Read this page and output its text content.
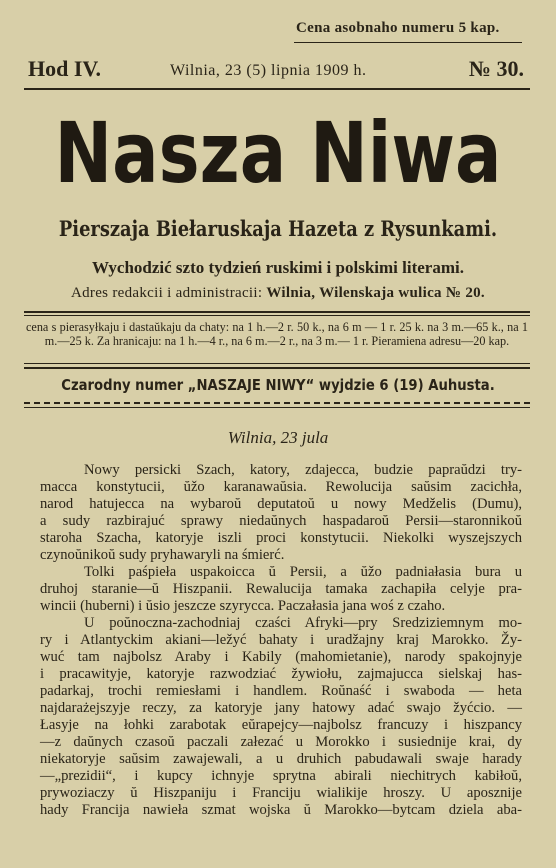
Cena asobnaho numeru 5 kap.
Hod IV.	Wilnia, 23 (5) lipnia 1909 h.	№ 30.
Nasza Niwa
Pierszaja Biełaruskaja Hazeta z Rysunkami.
Wychodzić szto tydzień ruskimi i polskimi literami.
Adres redakcii i administracii: Wilnia, Wilenskaja wulica № 20.
cena s pierasyłkaju i dastaŭkaju da chaty: na 1 h.—2 r. 50 k., na 6 m — 1 r. 25 k. na 3 m.—65 k., na 1 m.—25 k. Za hranicaju: na 1 h.—4 r., na 6 m.—2 r., na 3 m.— 1 r. Pieramiena adresu—20 kap.
Czarodny numer „NASZAJE NIWY“ wyjdzie 6 (19) Auhusta.
Wilnia, 23 jula

Nowy persicki Szach, katory, zdajecca, budzie papraŭdzi try-
macca konstytucii, ŭžo karanawaŭsia. Rewolucija saŭsim zacichła,
narod hatujecca na wybaroŭ deputatoŭ u nowy Medželis (Dumu),
a sudy razbirajuć sprawy niedaŭnych haspadaroŭ Persii—staronnikoŭ
staroha Szacha, katoryje iszli proci konstytucii. Niekolki wyszejszych
czynoŭnikoŭ sudy pryhawaryli na śmierć.

Tolki paśpieła uspakoicca ŭ Persii, a ŭžo padniałasia bura u
druhoj staranie—ŭ Hiszpanii. Rewalucija tamaka zachapiła celyje pra-
wincii (huberni) i ŭsio jeszcze szyrycca. Paczałasia jana woś z czaho.

U poŭnoczna-zachodniaj czaści Afryki—pry Sredziziemnym mo-
ry i Atlantyckim akiani—ležyć bahaty i uradžajny kraj Marokko. Žy-
wuć tam najbolsz Araby i Kabily (mahomietanie), narody spakojnyje
i pracawityje, katoryje razwodziać žywiołu, zajmajucca sielskaj has-
padarkaj, trochi remiesłami i handlem. Roŭnaść i swaboda — heta
najdarażejszyje reczy, za katoryje jany hatowy adać swajo žyćcio. —
Łasyje na łohki zarabotak eŭrapejcy—najbolsz francuzy i hiszpancy
—z daŭnych czasoŭ paczali załezać u Morokko i susiednije krai, dy
niekatoryje saŭsim zawajewali, a u druhich pabudawali swaje harady
—„prezidii“, i kupcy ichnyje sprytna abirali niechitrych kabiłoŭ,
prywoziaczy ŭ Hiszpaniju i Franciju wialikije hroszy. U aposznije
hady Francija nawieła szmat wojska ŭ Marokko—bytcam dziela aba-
